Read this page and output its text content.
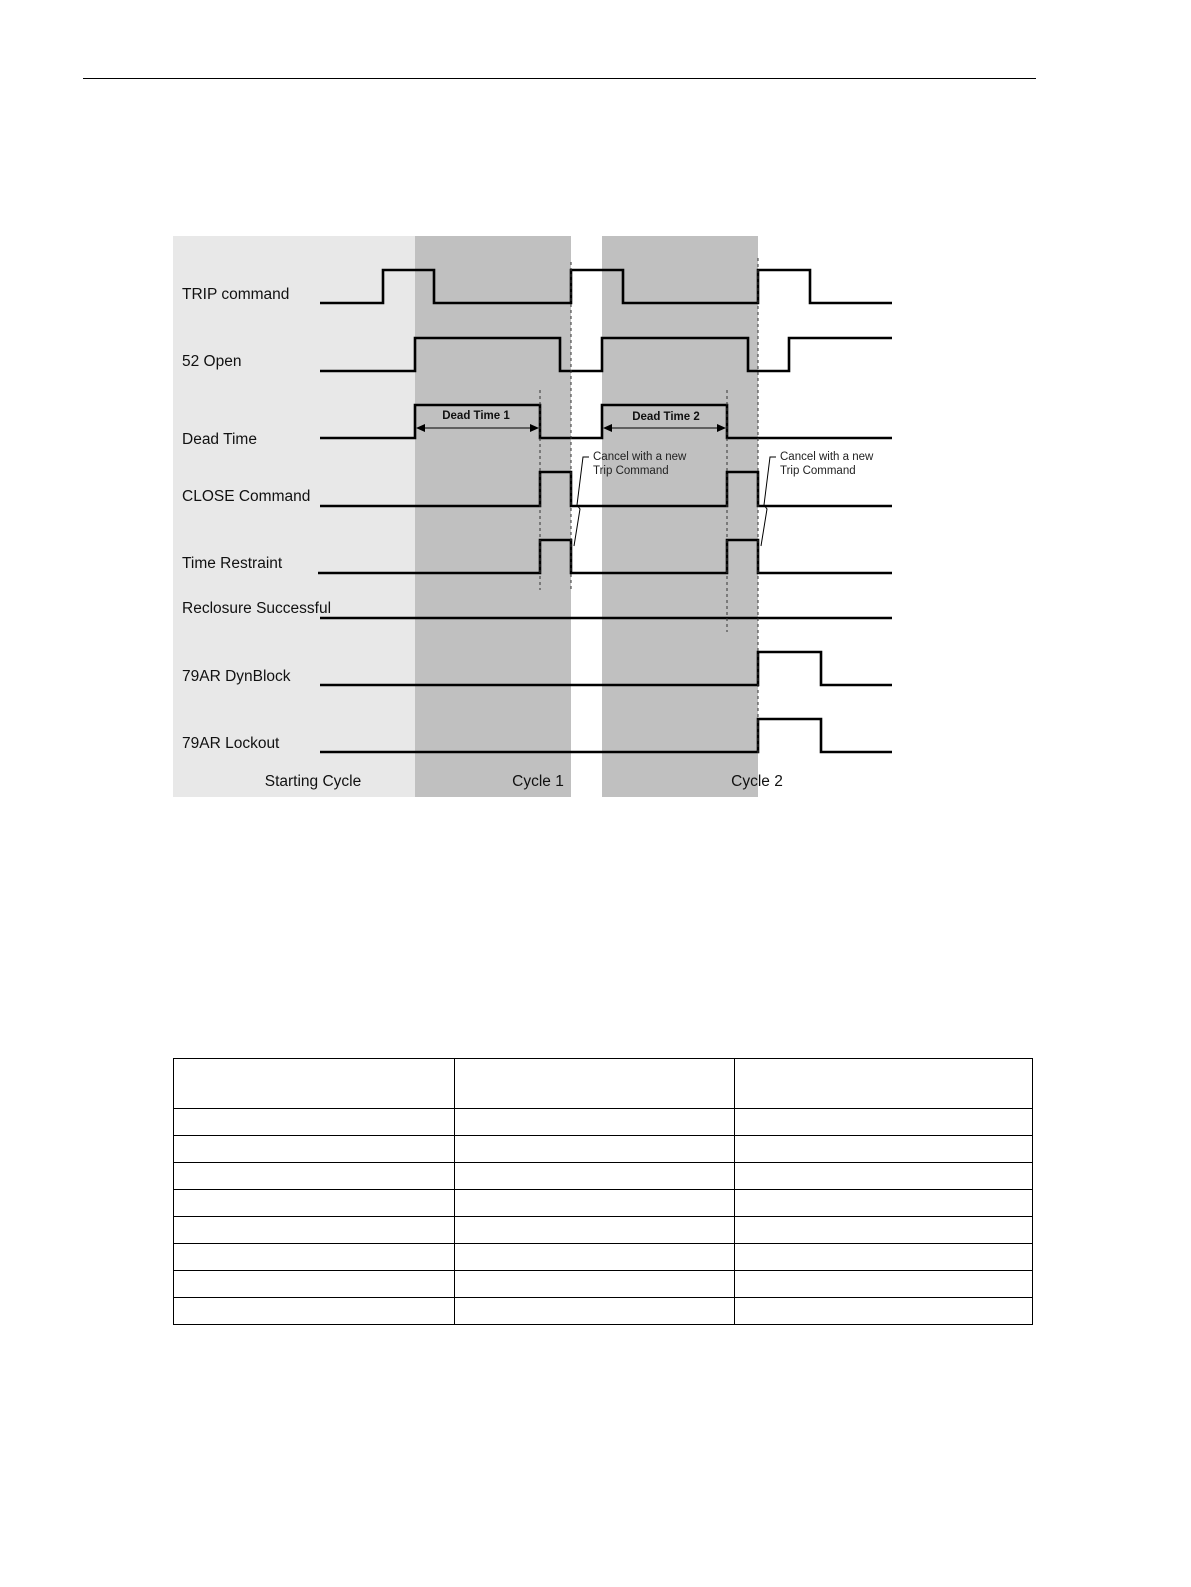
TRIP command
52 Open
Dead Time
CLOSE Command
Time Restraint
Reclosure Successful
79AR DynBlock
79AR Lockout
Dead Time 1	Dead Time 2
Cancel with a new
Trip Command
Cancel with a new
Trip Command
Starting Cycle	Cycle 1	Cycle 2
